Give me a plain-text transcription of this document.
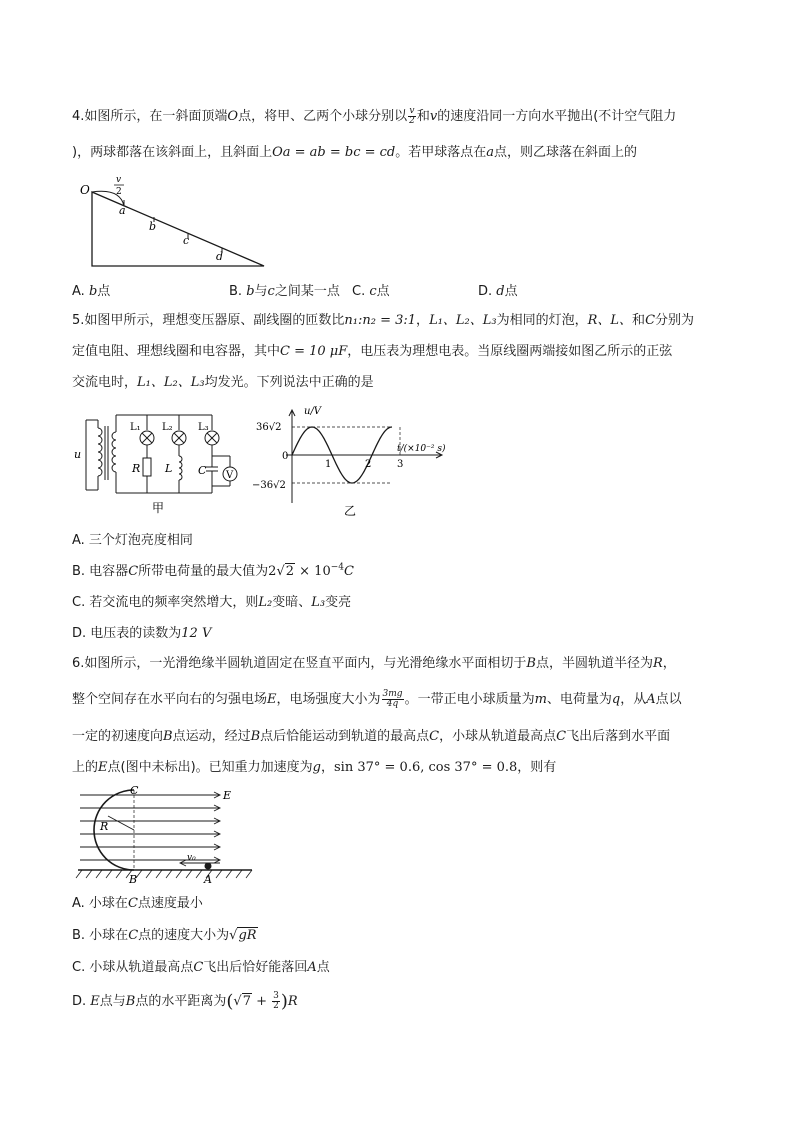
4.如图所示，在一斜面顶端O点，将甲、乙两个小球分别以 $\frac{v}{2}$ 和v的速度沿同一方向水平抛出(不计空气阻力
)，两球都落在该斜面上，且斜面上Oa = ab = bc = cd。若甲球落点在a点，则乙球落在斜面上的
O
v
2
a
b
c
d
A. b点	B. b与c之间某一点 C. c点	D. d点
5.如图甲所示，理想变压器原、副线圈的匝数比n₁:n₂ = 3:1，L₁、L₂、L₃为相同的灯泡，R、L、和C分别为
定值电阻、理想线圈和电容器，其中C = 10 μF，电压表为理想电表。当原线圈两端接如图乙所示的正弦
交流电时，L₁、L₂、L₃均发光。下列说法中正确的是
u
L₁ L₂	L₃
R L C V
甲
u/V
t/(×10⁻² s)
36√2
−36√2
0
1	2	3
乙
A. 三个灯泡亮度相同
B. 电容器C所带电荷量的最大值为$2√2 \times 10^{-4}C$
C. 若交流电的频率突然增大，则L₂变暗、L₃变亮
D. 电压表的读数为12 V
6.如图所示，一光滑绝缘半圆轨道固定在竖直平面内，与光滑绝缘水平面相切于B点，半圆轨道半径为R，
整个空间存在水平向右的匀强电场E，电场强度大小为 $\frac{3mg}{4q}$ 。一带正电小球质量为m、电荷量为q，从A点以
一定的初速度向B点运动，经过B点后恰能运动到轨道的最高点C，小球从轨道最高点C飞出后落到水平面
上的E点(图中未标出)。已知重力加速度为g，sin 37° = 0.6, cos 37° = 0.8，则有
C	E
R
v₀
B	A
A. 小球在C点速度最小
B. 小球在C点的速度大小为√gR
C. 小球从轨道最高点C飞出后恰好能落回A点
D. E点与B点的水平距离为$(√7 + \frac{3}{2} )R$
